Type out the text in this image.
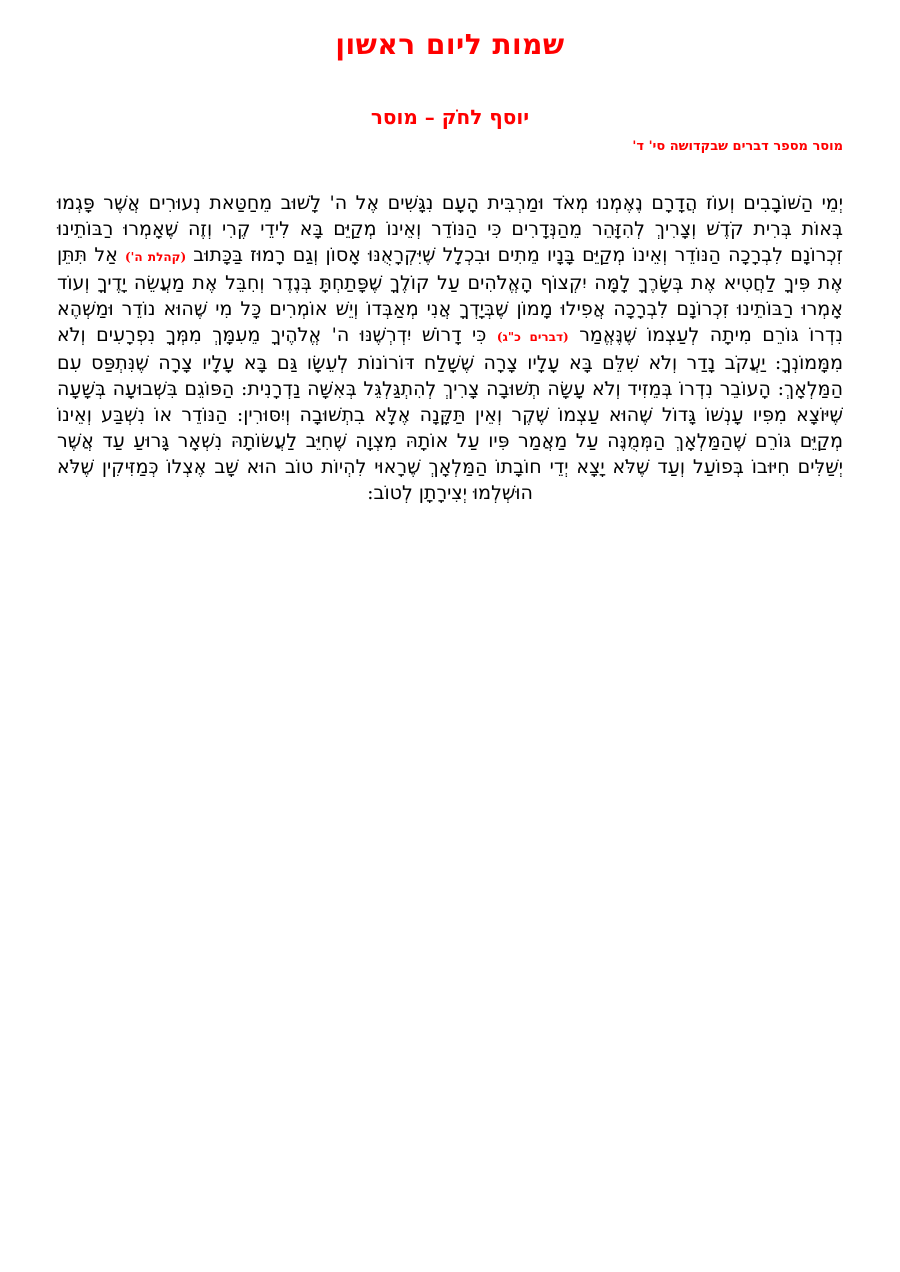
שמות ליום ראשון
יוסף לחֹק – מוסר
מוסר מספר דברים שבקדושה סי' ד'

יְמֵי הַשּׁוֹבָבִים וְעוֹז הֲדָרָם נֶאֶמְנוּ מְאֹד וּמַרְבִּית הָעָם נִגָּשִׁים אֶל ה' לָשׁוּב מֵחַטַּאת נְעוּרִים אֲשֶׁר פָּגְמוּ בְּאוֹת בְּרִית קֹדֶשׁ וְצָרִיךְ לְהִזָּהֵר מֵהַנְּדָרִים כִּי הַנּוֹדֵר וְאֵינוֹ מְקַיֵּם בָּא לִידֵי קֶרִי וְזֶה שֶׁאָמְרוּ רַבּוֹתֵינוּ זִכְרוֹנָם לִבְרָכָה הַנּוֹדֵר וְאֵינוֹ מְקַיֵּם בָּנָיו מֵתִים וּבִכְלָל שֶׁיִּקְרָאֻנּוּ אָסוֹן וְגַם רָמוּז בַּכָּתוּב (קהלת ה') אַל תִּתֵּן אֶת פִּיךָ לַחֲטִיא אֶת בְּשָׂרֶךָ לָמָּה יִקְצוֹף הָאֱלֹהִים עַל קוֹלֶךָ שֶׁפָּתַחְתָּ בְּנֶדֶר וְחִבֵּל אֶת מַעֲשֵׂה יָדֶיךָ וְעוֹד אָמְרוּ רַבּוֹתֵינוּ זִכְרוֹנָם לִבְרָכָה אֲפִילוּ מָמוֹן שֶׁבְּיָדְךָ אֲנִי מְאַבְּדוֹ וְיֵשׁ אוֹמְרִים כָּל מִי שֶׁהוּא נוֹדֵר וּמַשְׁהֶא נִדְרוֹ גּוֹרֵם מִיתָה לְעַצְמוֹ שֶׁנֶּאֱמַר (דברים כ"ג) כִּי דָרוֹשׁ יִדְרְשֶׁנּוּ ה' אֱלֹהֶיךָ מֵעִמָּךְ מִמְּךָ נִפְרָעִים וְלֹא מִמָּמוֹנְךָ: יַעֲקֹב נָדַר וְלֹא שִׁלֵּם בָּא עָלָיו צָרָה שֶׁשָּׁלַח דּוֹרוֹנוֹת לְעֵשָׂו גַּם בָּא עָלָיו צָרָה שֶׁנִּתְפַּס עִם הַמַּלְאָךְ: הָעוֹבֵר נִדְרוֹ בְּמֵזִיד וְלֹא עָשָׂה תְשׁוּבָה צָרִיךְ לְהִתְגַּלְגֵּל בְּאִשָּׁה נַדְרָנִית: הַפּוֹגֵם בִּשְׁבוּעָה בְּשָׁעָה שֶׁיּוֹצָא מִפִּיו עָנְשׁוֹ גָּדוֹל שֶׁהוּא עַצְמוֹ שֶׁקֶר וְאֵין תַּקָּנָה אֶלָּא בִתְשׁוּבָה וְיִסּוּרִין: הַנּוֹדֵר אוֹ נִשְׁבַּע וְאֵינוֹ מְקַיֵּם גּוֹרֵם שֶׁהַמַּלְאָךְ הַמְּמֻנֶּה עַל מַאֲמַר פִּיו עַל אוֹתָהּ מִצְוָה שֶׁחִיֵּב לַעֲשׂוֹתָהּ נִשְׁאָר גָּרוּעַ עַד אֲשֶׁר יְשַׁלִּים חִיּוּבוֹ בְּפוֹעַל וְעַד שֶׁלֹּא יָצָא יְדֵי חוֹבָתוֹ הַמַּלְאָךְ שֶׁרָאוּי לִהְיוֹת טוֹב הוּא שָׁב אֶצְלוֹ כְּמַזִּיקִין שֶׁלֹּא הוּשְׁלְמוּ יְצִירָתָן לְטוֹב:
